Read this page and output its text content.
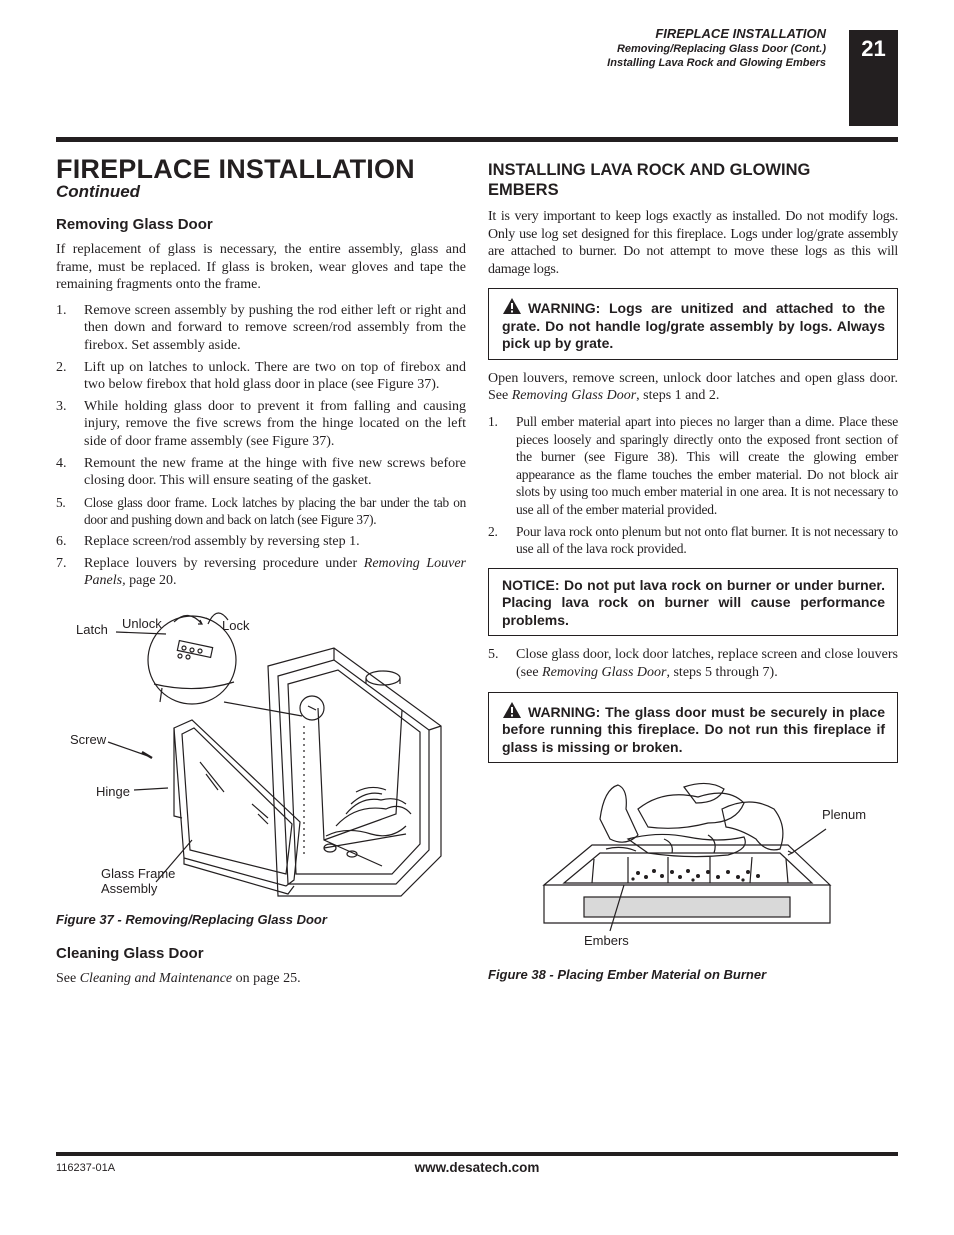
FIREPLACE INSTALLATION
Removing/Replacing Glass Door (Cont.)
Installing Lava Rock and Glowing Embers
21
FIREPLACE INSTALLATION
Continued
Removing Glass Door

If replacement of glass is necessary, the entire assembly, glass and frame, must be replaced. If glass is broken, wear gloves and tape the remaining fragments onto the frame.

1. Remove screen assembly by pushing the rod either left or right and then down and forward to remove screen/rod assembly from the firebox. Set assembly aside.
2. Lift up on latches to unlock. There are two on top of firebox and two below firebox that hold glass door in place (see Figure 37).
3. While holding glass door to prevent it from falling and causing injury, remove the five screws from the hinge located on the left side of door frame assembly (see Figure 37).
4. Remount the new frame at the hinge with five new screws before closing door. This will ensure seating of the gasket.
5. Close glass door frame. Lock latches by placing the bar under the tab on door and pushing down and back on latch (see Figure 37).
6. Replace screen/rod assembly by reversing step 1.
7. Replace louvers by reversing procedure under Removing Louver Panels, page 20.
Latch Unlock	Lock
Screw
Hinge
Glass Frame
Assembly
Figure 37 - Removing/Replacing Glass Door
Cleaning Glass Door

See Cleaning and Maintenance on page 25.

INSTALLING LAVA ROCK AND GLOWING
EMBERS

It is very important to keep logs exactly as installed. Do not modify logs. Only use log set designed for this fireplace. Logs under log/grate assembly are attached to burner. Do not attempt to move these logs as this will damage logs.

WARNING: Logs are unitized and attached to the grate. Do not handle log/grate assembly by logs. Always pick up by grate.

Open louvers, remove screen, unlock door latches and open glass door. See Removing Glass Door, steps 1 and 2.

1. Pull ember material apart into pieces no larger than a dime. Place these pieces loosely and sparingly directly onto the exposed front section of the burner (see Figure 38). This will create the glowing ember appearance as the flame touches the ember material. Do not block air slots by using too much ember material in one area. It is not necessary to use all of the ember material provided.
2. Pour lava rock onto plenum but not onto flat burner. It is not necessary to use all of the lava rock provided.
NOTICE: Do not put lava rock on burner or under burner. Placing lava rock on burner will cause performance problems.
5. Close glass door, lock door latches, replace screen and close louvers (see Removing Glass Door, steps 5 through 7).
WARNING: The glass door must be securely in place before running this fireplace. Do not run this fireplace if glass is missing or broken.
Plenum
Embers
Figure 38 - Placing Ember Material on Burner
116237-01A	www.desatech.com
